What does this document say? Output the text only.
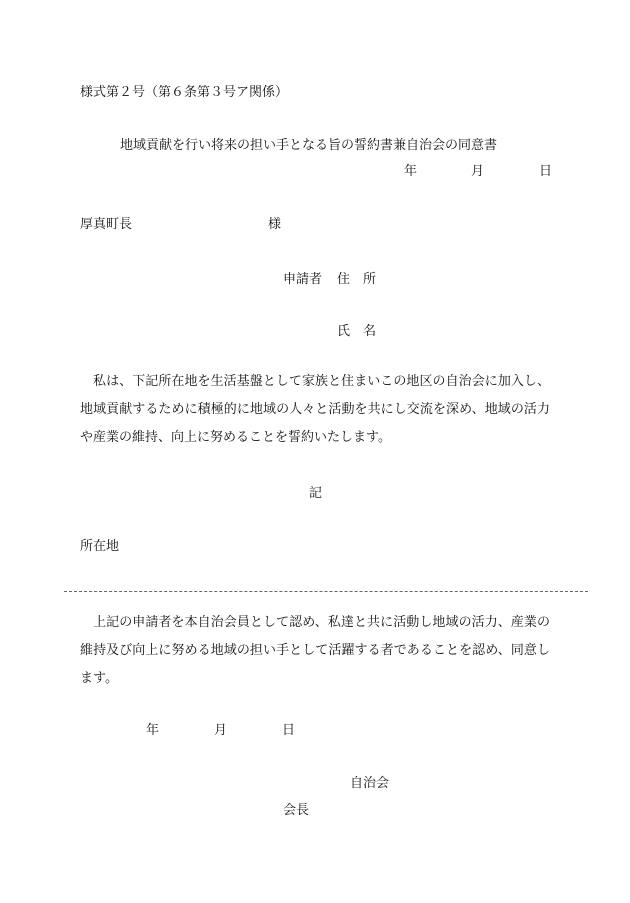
様式第２号（第６条第３号ア関係）
地域貢献を行い将来の担い手となる旨の誓約書兼自治会の同意書
年	月	日
厚真町長	様
申請者 住　所
氏　名
　私は、下記所在地を生活基盤として家族と住まいこの地区の自治会に加入し、地域貢献するために積極的に地域の人々と活動を共にし交流を深め、地域の活力や産業の維持、向上に努めることを誓約いたします。
記
所在地
　上記の申請者を本自治会員として認め、私達と共に活動し地域の活力、産業の維持及び向上に努める地域の担い手として活躍する者であることを認め、同意します。
年	月	日
自治会
会長
